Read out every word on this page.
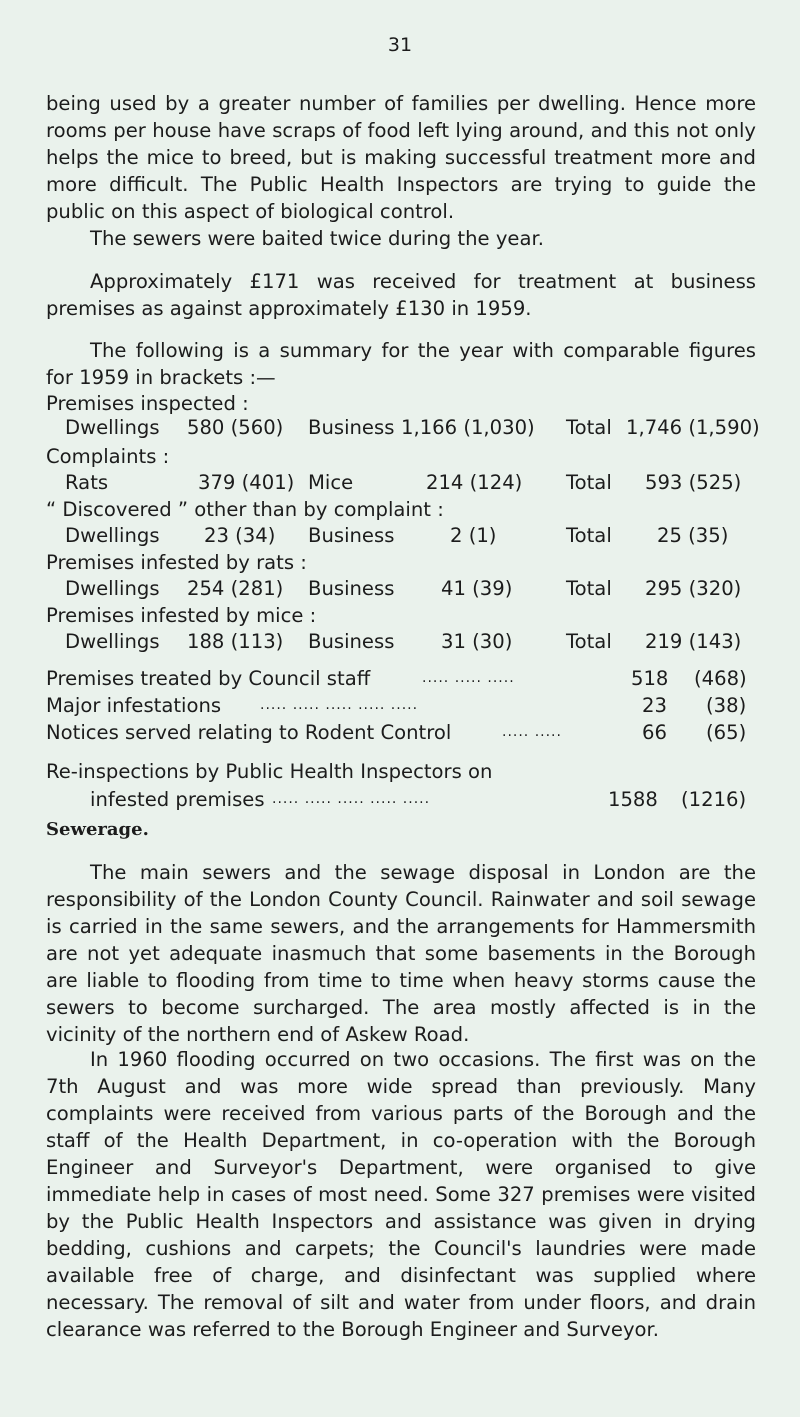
31
being used by a greater number of families per dwelling. Hence more rooms per house have scraps of food left lying around, and this not only helps the mice to breed, but is making successful treatment more and more difficult. The Public Health Inspectors are trying to guide the public on this aspect of biological control.
The sewers were baited twice during the year.
Approximately £171 was received for treatment at business premises as against approximately £130 in 1959.
The following is a summary for the year with comparable figures for 1959 in brackets :—
Premises inspected :
Dwellings 580 (560) Business 1,166 (1,030) Total 1,746 (1,590)
Complaints :
Rats	379 (401) Mice	214 (124) Total 593 (525)
“ Discovered ” other than by complaint :
Dwellings 23 (34) Business	2 (1)	Total 25 (35)
Premises infested by rats :
Dwellings 254 (281) Business 41 (39)	Total 295 (320)
Premises infested by mice :
Dwellings 188 (113) Business 31 (30)	Total 219 (143)
Premises treated by Council staff	..... ..... .....	518 (468)
Major infestations	..... ..... ..... ..... .....	23 (38)
Notices served relating to Rodent Control	..... .....	66 (65)
Re-inspections by Public Health Inspectors on
infested premises ..... ..... ..... ..... .....	1588 (1216)
Sewerage.
The main sewers and the sewage disposal in London are the responsibility of the London County Council. Rainwater and soil sewage is carried in the same sewers, and the arrangements for Hammersmith are not yet adequate inasmuch that some basements in the Borough are liable to flooding from time to time when heavy storms cause the sewers to become surcharged. The area mostly affected is in the vicinity of the northern end of Askew Road.
In 1960 flooding occurred on two occasions. The first was on the 7th August and was more wide spread than previously. Many complaints were received from various parts of the Borough and the staff of the Health Department, in co-operation with the Borough Engineer and Surveyor's Department, were organised to give immediate help in cases of most need. Some 327 premises were visited by the Public Health Inspectors and assistance was given in drying bedding, cushions and carpets; the Council's laundries were made available free of charge, and disinfectant was supplied where necessary. The removal of silt and water from under floors, and drain clearance was referred to the Borough Engineer and Surveyor.
